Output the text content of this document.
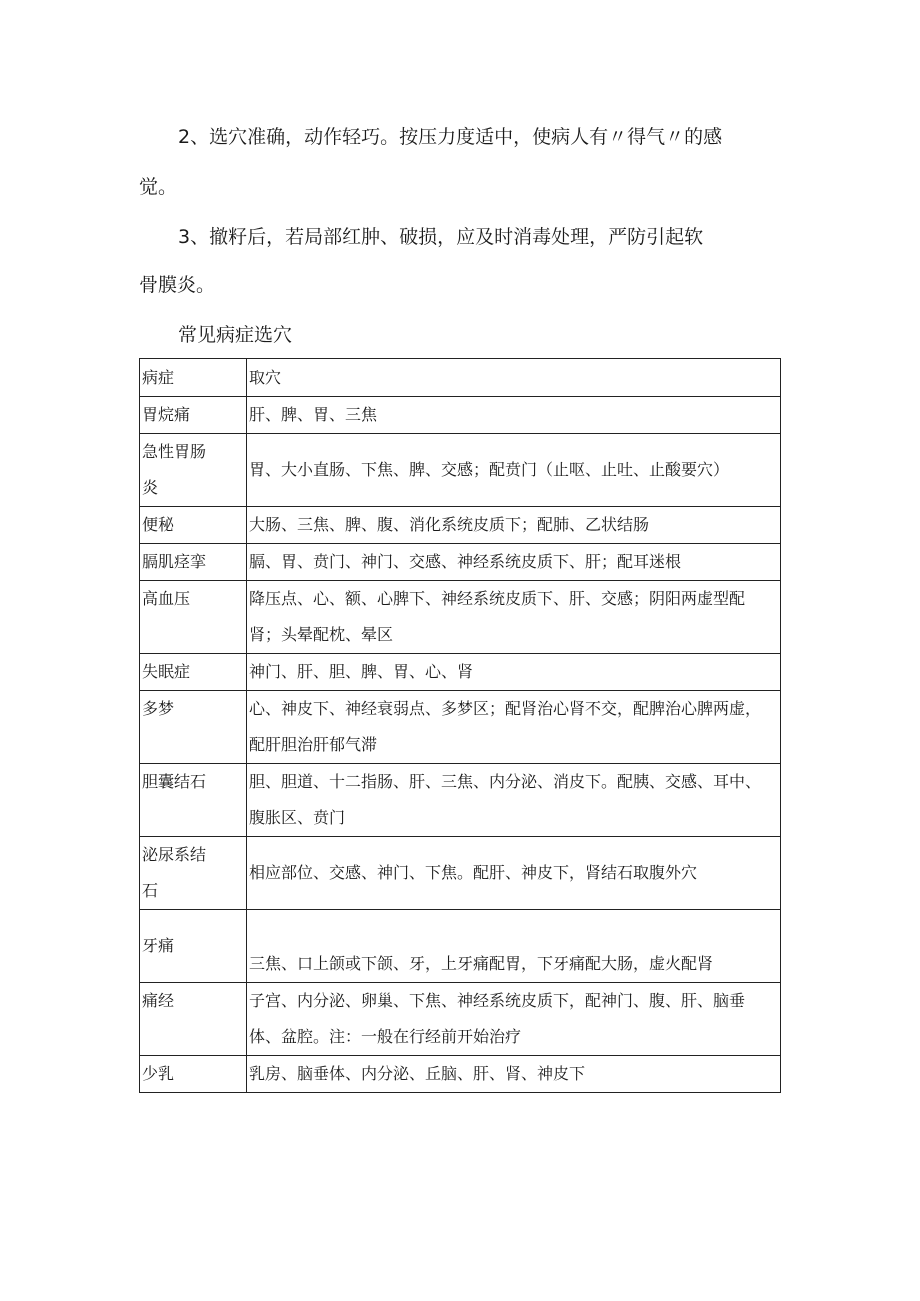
2、选穴准确，动作轻巧。按压力度适中，使病人有〃得气〃的感

觉。

3、撤籽后，若局部红肿、破损，应及时消毒处理，严防引起软

骨膜炎。

常见病症选穴

病症	取穴

胃烷痛	肝、脾、胃、三焦

急性胃肠
炎	胃、大小直肠、下焦、脾、交感；配贲门（止呕、止吐、止酸要穴）

便秘	大肠、三焦、脾、腹、消化系统皮质下；配肺、乙状结肠

膈肌痉挛	膈、胃、贲门、神门、交感、神经系统皮质下、肝；配耳迷根

高血压	降压点、心、额、心脾下、神经系统皮质下、肝、交感；阴阳两虚型配
肾；头晕配枕、晕区

失眠症	神门、肝、胆、脾、胃、心、肾

多梦	心、神皮下、神经衰弱点、多梦区；配肾治心肾不交，配脾治心脾两虚，
配肝胆治肝郁气滞

胆囊结石	胆、胆道、十二指肠、肝、三焦、内分泌、消皮下。配胰、交感、耳中、
腹胀区、贲门

泌尿系结
石	相应部位、交感、神门、下焦。配肝、神皮下，肾结石取腹外穴

牙痛	三焦、口上颌或下颌、牙，上牙痛配胃，下牙痛配大肠，虚火配肾

痛经	子宫、内分泌、卵巢、下焦、神经系统皮质下，配神门、腹、肝、脑垂
体、盆腔。注：一般在行经前开始治疗

少乳	乳房、脑垂体、内分泌、丘脑、肝、肾、神皮下
